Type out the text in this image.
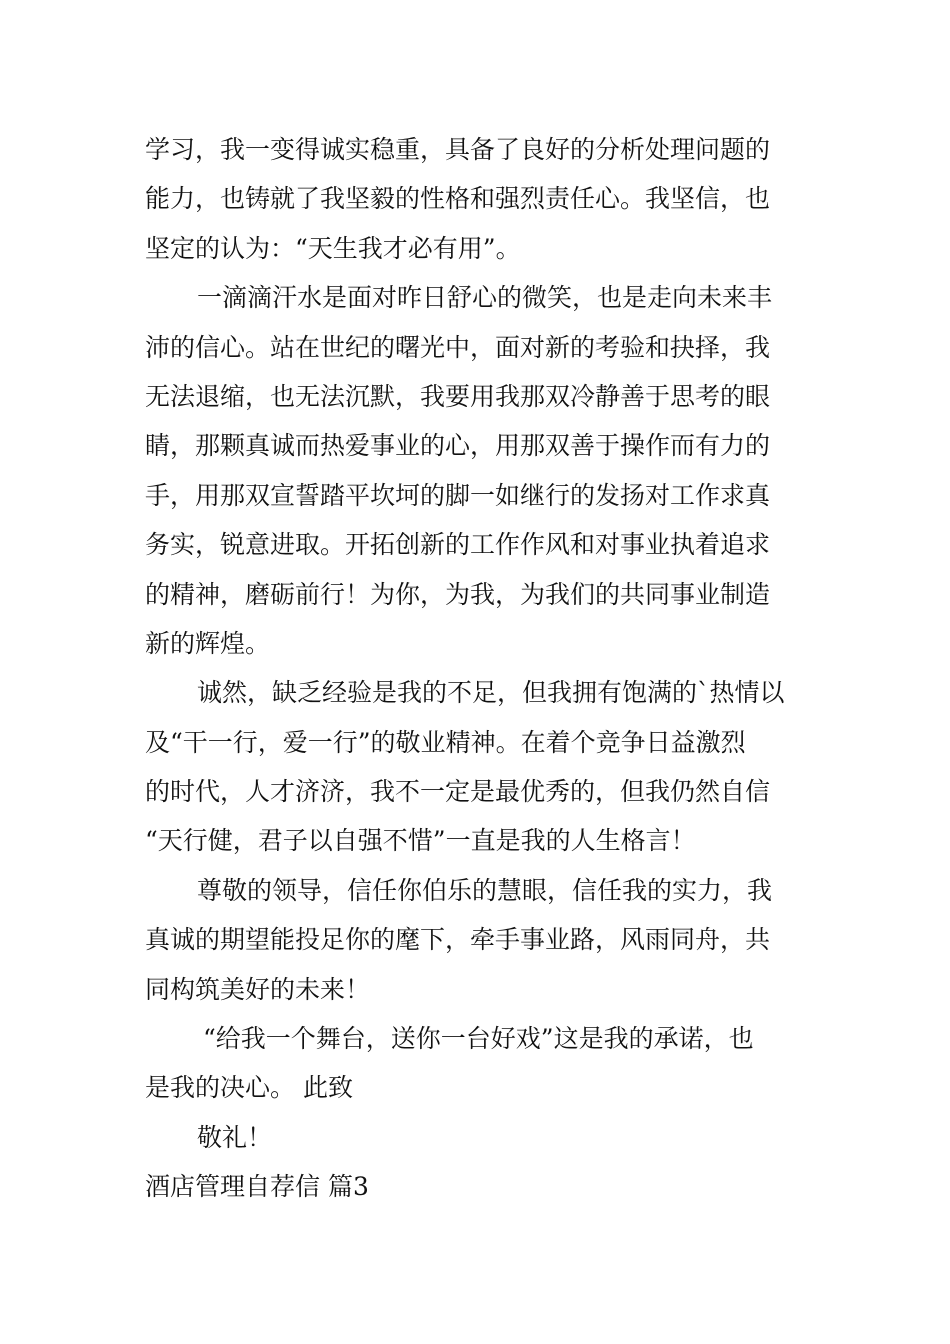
学习，我一变得诚实稳重，具备了良好的分析处理问题的
能力，也铸就了我坚毅的性格和强烈责任心。我坚信，也
坚定的认为：“天生我才必有用”。
一滴滴汗水是面对昨日舒心的微笑，也是走向未来丰
沛的信心。站在世纪的曙光中，面对新的考验和抉择，我
无法退缩，也无法沉默，我要用我那双冷静善于思考的眼
睛，那颗真诚而热爱事业的心，用那双善于操作而有力的
手，用那双宣誓踏平坎坷的脚一如继行的发扬对工作求真
务实，锐意进取。开拓创新的工作作风和对事业执着追求
的精神，磨砺前行！为你，为我，为我们的共同事业制造
新的辉煌。
诚然，缺乏经验是我的不足，但我拥有饱满的`热情以
及“干一行，爱一行”的敬业精神。在着个竞争日益激烈
的时代，人才济济，我不一定是最优秀的，但我仍然自信
“天行健，君子以自强不惜”一直是我的人生格言！
尊敬的领导，信任你伯乐的慧眼，信任我的实力，我
真诚的期望能投足你的麾下，牵手事业路，风雨同舟，共
同构筑美好的未来！
“给我一个舞台，送你一台好戏”这是我的承诺，也
是我的决心。 此致
敬礼！
酒店管理自荐信 篇3
